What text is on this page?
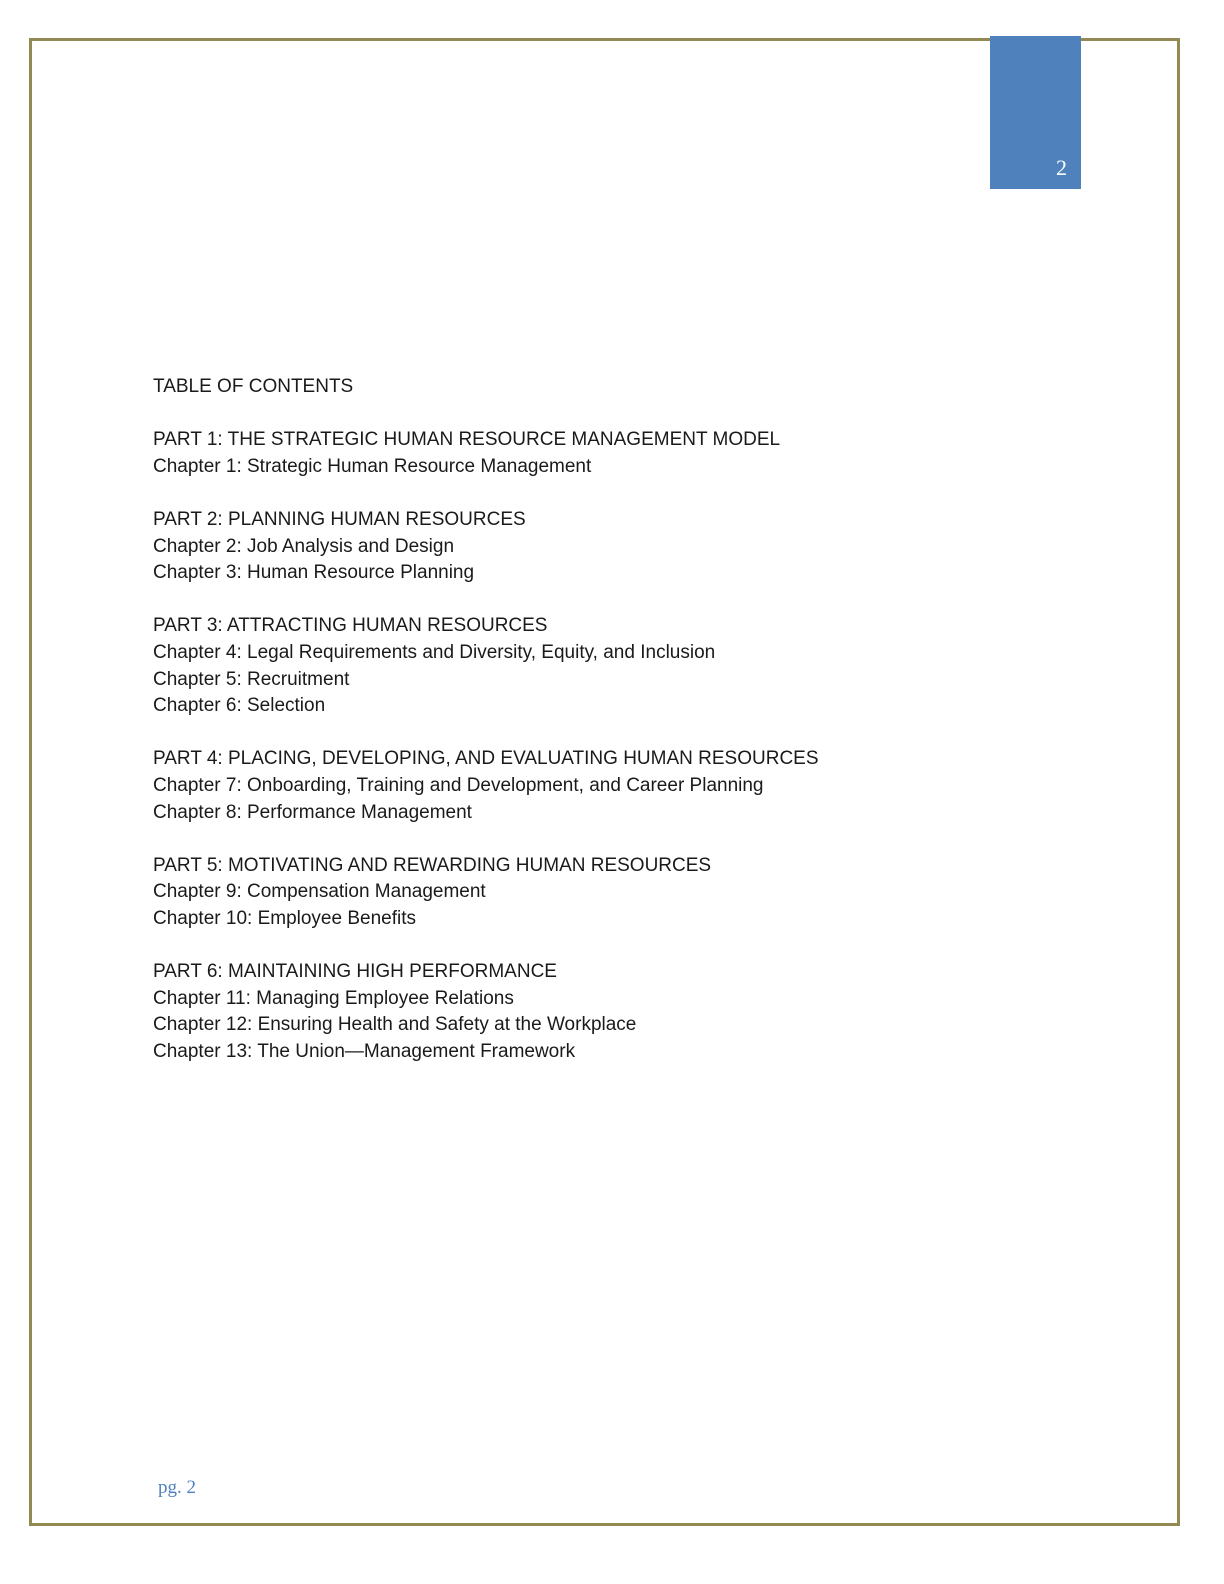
2
TABLE OF CONTENTS
PART 1: THE STRATEGIC HUMAN RESOURCE MANAGEMENT MODEL
Chapter 1: Strategic Human Resource Management
PART 2: PLANNING HUMAN RESOURCES
Chapter 2: Job Analysis and Design
Chapter 3: Human Resource Planning
PART 3: ATTRACTING HUMAN RESOURCES
Chapter 4: Legal Requirements and Diversity, Equity, and Inclusion
Chapter 5: Recruitment
Chapter 6: Selection
PART 4: PLACING, DEVELOPING, AND EVALUATING HUMAN RESOURCES
Chapter 7: Onboarding, Training and Development, and Career Planning
Chapter 8: Performance Management
PART 5: MOTIVATING AND REWARDING HUMAN RESOURCES
Chapter 9: Compensation Management
Chapter 10: Employee Benefits
PART 6: MAINTAINING HIGH PERFORMANCE
Chapter 11: Managing Employee Relations
Chapter 12: Ensuring Health and Safety at the Workplace
Chapter 13: The Union—Management Framework
pg. 2
